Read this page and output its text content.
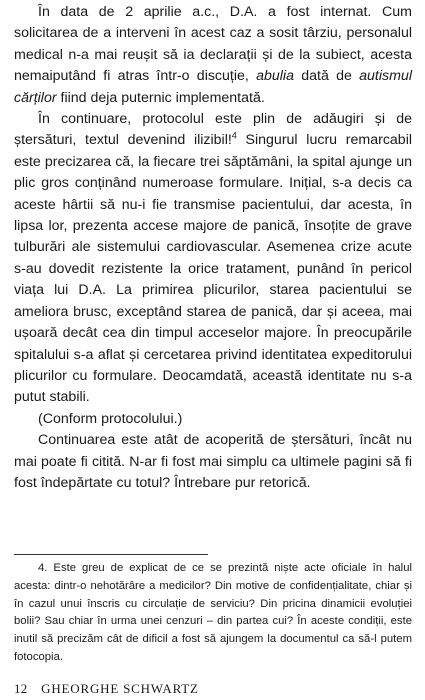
În data de 2 aprilie a.c., D.A. a fost internat. Cum solicitarea de a interveni în acest caz a sosit târziu, personalul medical n-a mai reușit să ia declarații și de la subiect, acesta nemaiputând fi atras într-o discuție, abulia dată de autismul cărților fiind deja puternic implementată.

În continuare, protocolul este plin de adăugiri și de ștersături, textul devenind ilizibil!$^4$ Singurul lucru remarcabil este precizarea că, la fiecare trei săptămâni, la spital ajunge un plic gros conținând numeroase formulare. Inițial, s-a decis ca aceste hârtii să nu-i fie transmise pacientului, dar acesta, în lipsa lor, prezenta accese majore de panică, însoțite de grave tulburări ale sistemului cardiovascular. Asemenea crize acute s-au dovedit rezistente la orice tratament, punând în pericol viața lui D.A. La primirea plicurilor, starea pacientului se ameliora brusc, exceptând starea de panică, dar și aceea, mai ușoară decât cea din timpul acceselor majore. În preocupările spitalului s-a aflat și cercetarea privind identitatea expeditorului plicurilor cu formulare. Deocamdată, această identitate nu s-a putut stabili.

(Conform protocolului.)

Continuarea este atât de acoperită de ștersături, încât nu mai poate fi citită. N-ar fi fost mai simplu ca ultimele pagini să fi fost îndepărtate cu totul? Întrebare pur retorică.

4. Este greu de explicat de ce se prezintă niște acte oficiale în halul acesta: dintr-o nehotărâre a medicilor? Din motive de confidențialitate, chiar și în cazul unui înscris cu circulație de serviciu? Din pricina dinamicii evoluției bolii? Sau chiar în urma unei cenzuri – din partea cui? În aceste condiții, este inutil să precizăm cât de dificil a fost să ajungem la documentul ca să-l putem fotocopia.

12 GHEORGHE SCHWARTZ
